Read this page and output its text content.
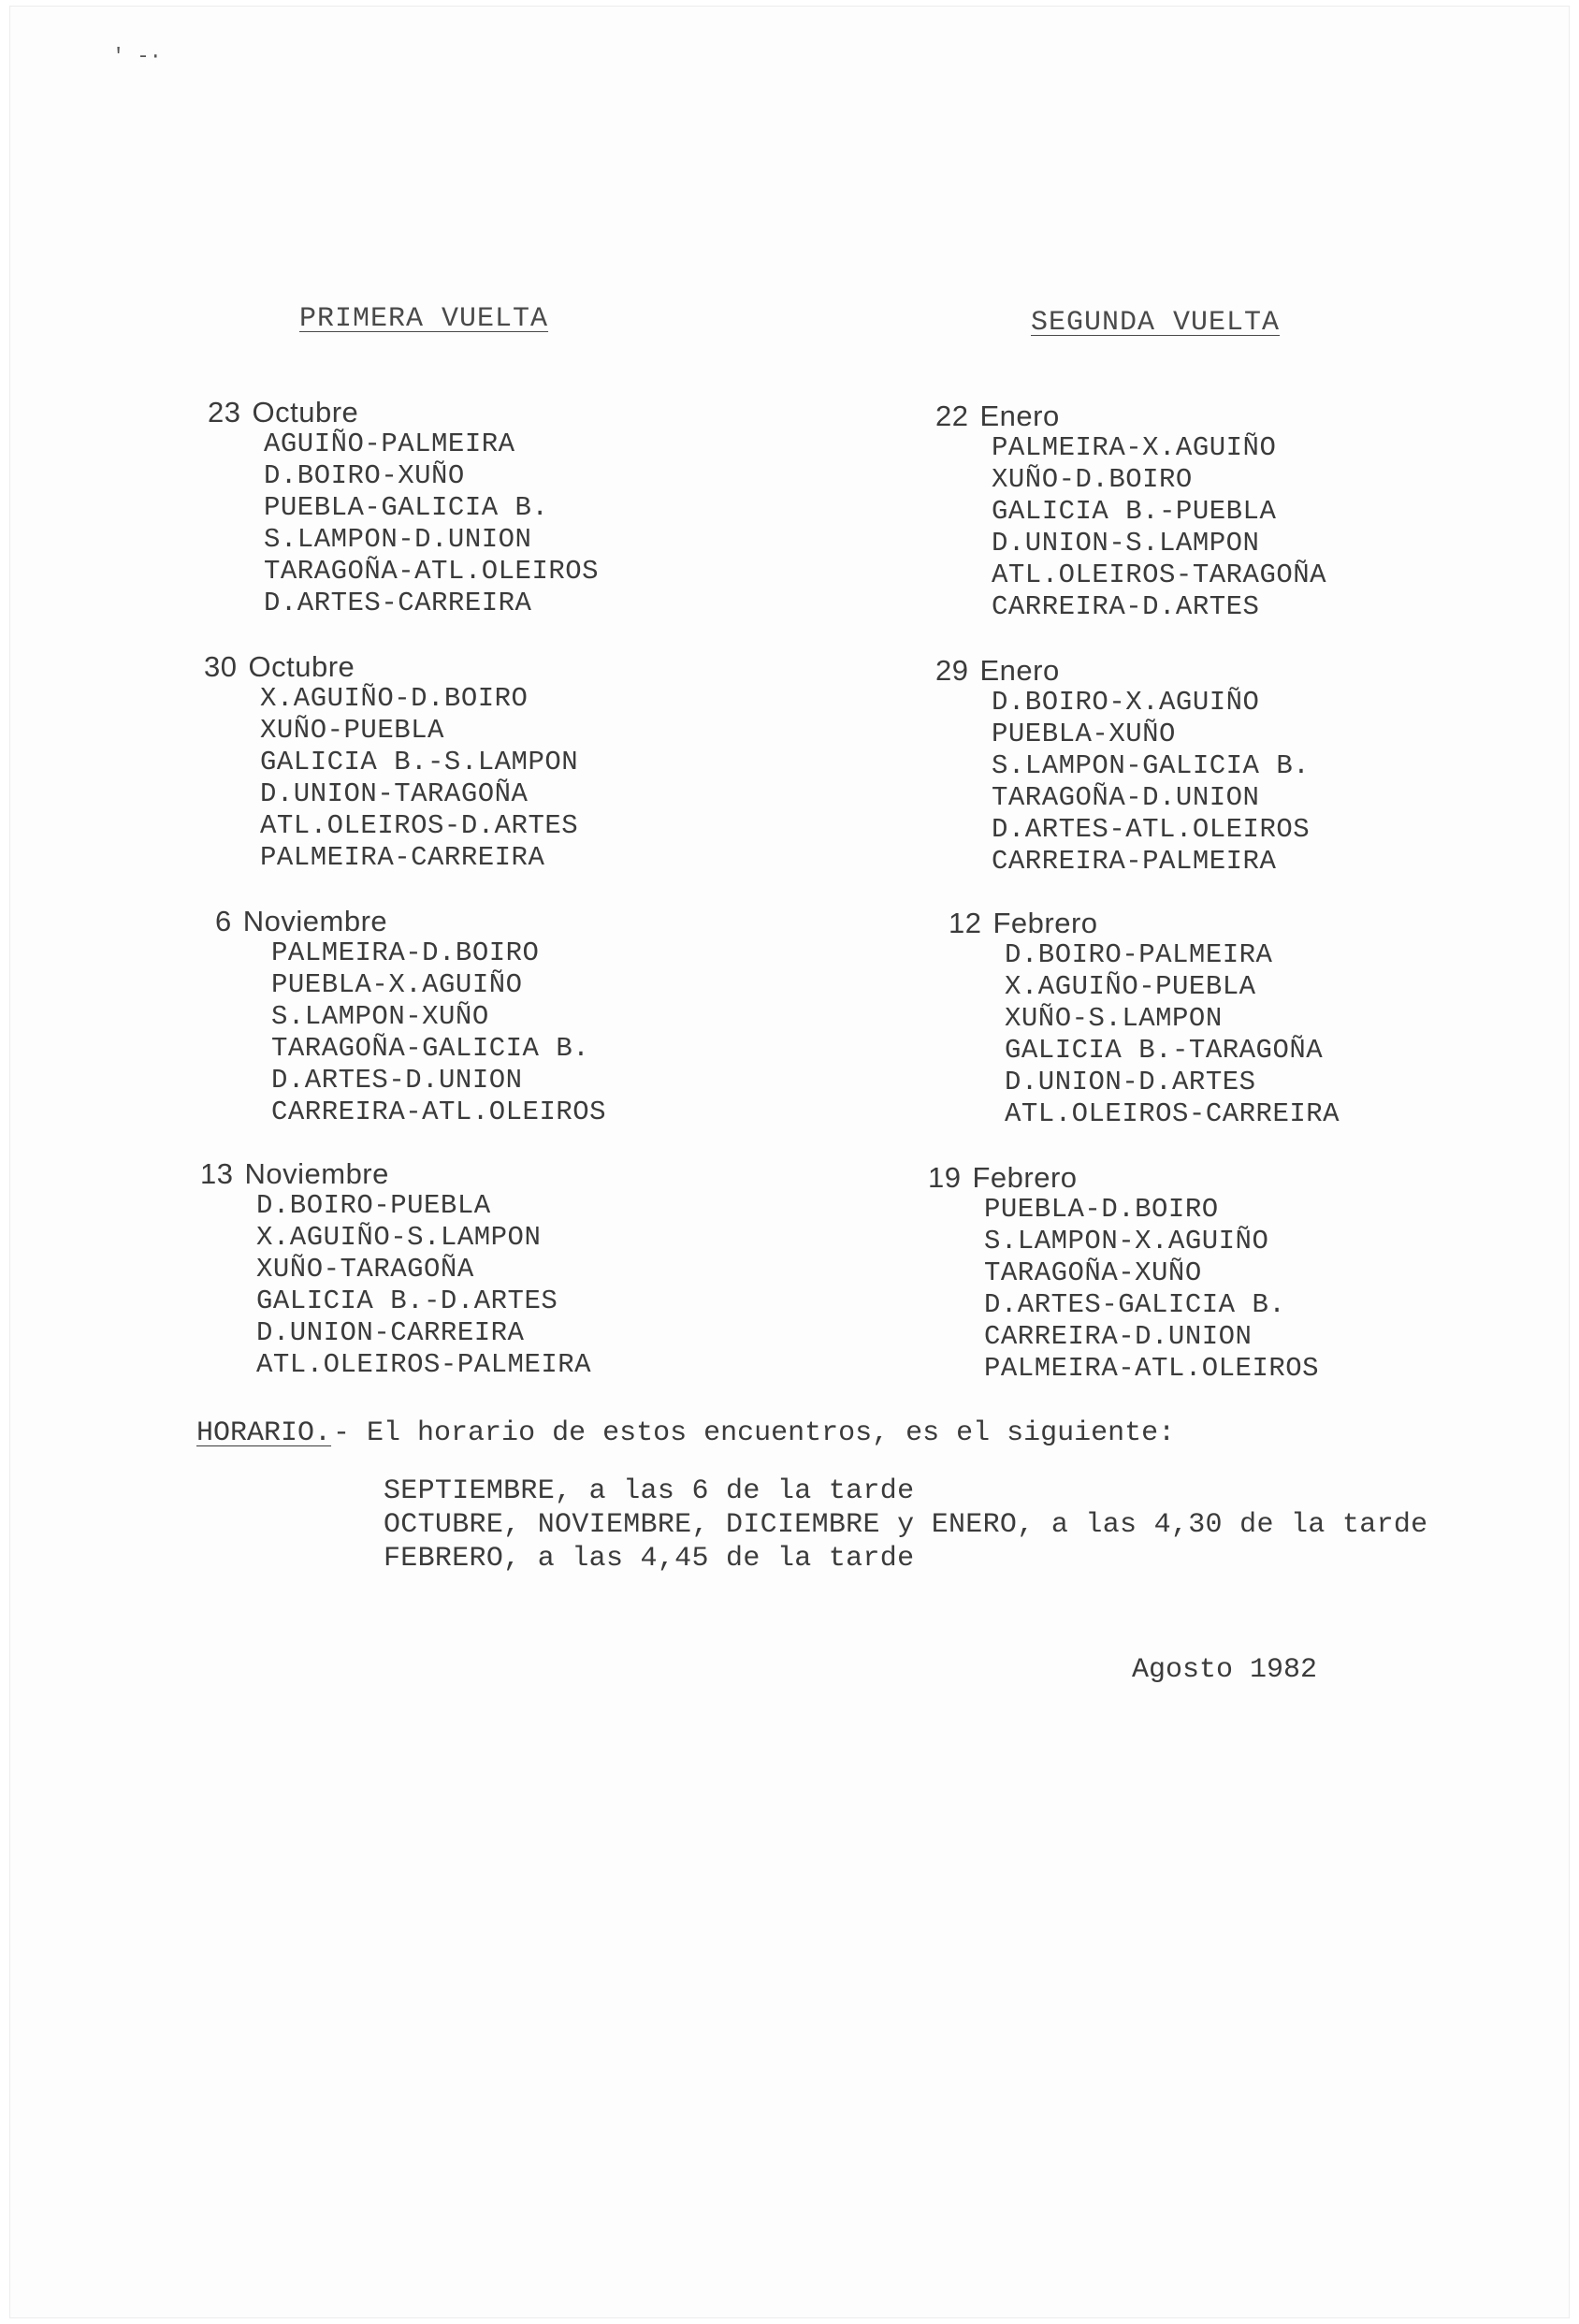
' -·
PRIMERA VUELTA	SEGUNDA VUELTA
23 Octubre
AGUIÑO-PALMEIRA
D.BOIRO-XUÑO
PUEBLA-GALICIA B.
S.LAMPON-D.UNION
TARAGOÑA-ATL.OLEIROS
D.ARTES-CARREIRA
30 Octubre
X.AGUIÑO-D.BOIRO
XUÑO-PUEBLA
GALICIA B.-S.LAMPON
D.UNION-TARAGOÑA
ATL.OLEIROS-D.ARTES
PALMEIRA-CARREIRA
6 Noviembre
PALMEIRA-D.BOIRO
PUEBLA-X.AGUIÑO
S.LAMPON-XUÑO
TARAGOÑA-GALICIA B.
D.ARTES-D.UNION
CARREIRA-ATL.OLEIROS
13 Noviembre
D.BOIRO-PUEBLA
X.AGUIÑO-S.LAMPON
XUÑO-TARAGOÑA
GALICIA B.-D.ARTES
D.UNION-CARREIRA
ATL.OLEIROS-PALMEIRA
22 Enero
PALMEIRA-X.AGUIÑO
XUÑO-D.BOIRO
GALICIA B.-PUEBLA
D.UNION-S.LAMPON
ATL.OLEIROS-TARAGOÑA
CARREIRA-D.ARTES
29 Enero
D.BOIRO-X.AGUIÑO
PUEBLA-XUÑO
S.LAMPON-GALICIA B.
TARAGOÑA-D.UNION
D.ARTES-ATL.OLEIROS
CARREIRA-PALMEIRA
12 Febrero
D.BOIRO-PALMEIRA
X.AGUIÑO-PUEBLA
XUÑO-S.LAMPON
GALICIA B.-TARAGOÑA
D.UNION-D.ARTES
ATL.OLEIROS-CARREIRA
19 Febrero
PUEBLA-D.BOIRO
S.LAMPON-X.AGUIÑO
TARAGOÑA-XUÑO
D.ARTES-GALICIA B.
CARREIRA-D.UNION
PALMEIRA-ATL.OLEIROS
HORARIO.- El horario de estos encuentros, es el siguiente:
SEPTIEMBRE, a las 6 de la tarde
OCTUBRE, NOVIEMBRE, DICIEMBRE y ENERO, a las 4,30 de la tarde
FEBRERO, a las 4,45 de la tarde
Agosto 1982
